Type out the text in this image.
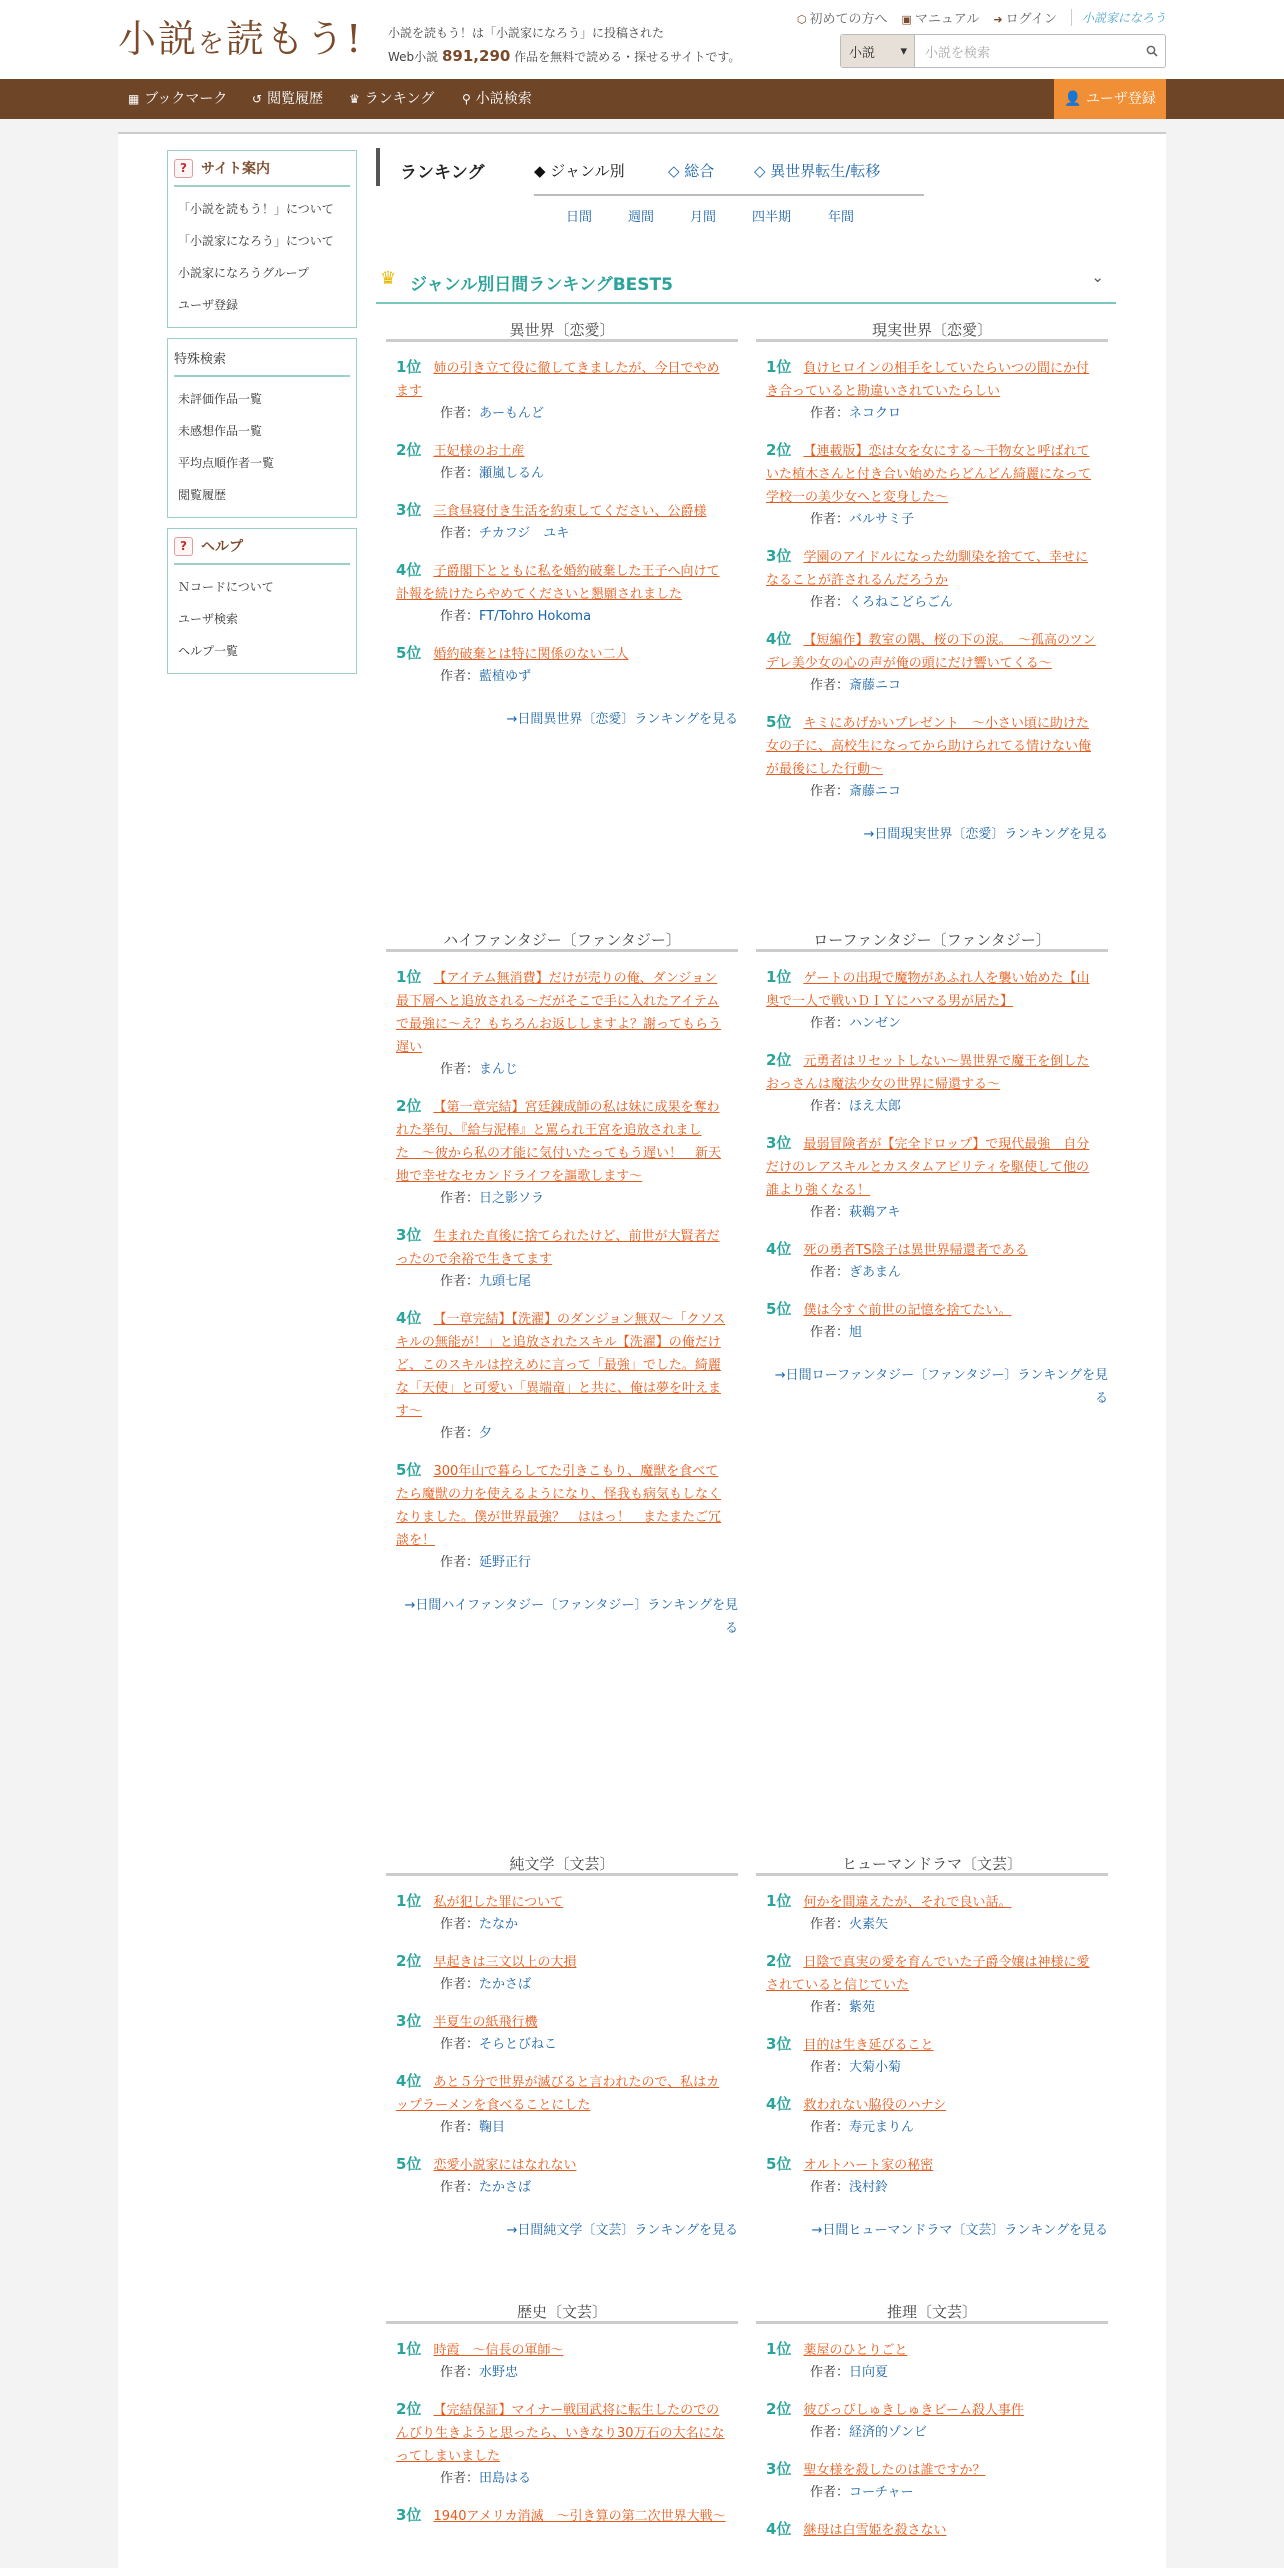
小説を読もう! 小説を読もう！は「小説家になろう」に投稿された
Web小説 891,290 作品を無料で読める・探せるサイトです。
⬡ 初めての方へ ▣ マニュアル ➜ ログイン	小説家になろう
小説 ▾	小説を検索
▦ ブックマーク ↺ 閲覧履歴 ♛ ランキング ⚲ 小説検索	👤 ユーザ登録
?	サイト案内
「小説を読もう！」について
「小説家になろう」について
小説家になろうグループ
ユーザ登録
特殊検索
未評価作品一覧
未感想作品一覧
平均点順作者一覧
閲覧履歴
?	ヘルプ
Ｎコードについて
ユーザ検索
ヘルプ一覧
ランキング	◆ ジャンル別	◇ 総合	◇ 異世界転生/転移
日間	週間	月間	四半期	年間
♛ ジャンル別日間ランキングBEST5	⌄
異世界〔恋愛〕
1位 姉の引き立て役に徹してきましたが、今日でやめます
作者：あーもんど
2位 王妃様のお土産
作者：瀬嵐しるん
3位 三食昼寝付き生活を約束してください、公爵様
作者：チカフジ　ユキ
4位 子爵閣下とともに私を婚約破棄した王子へ向けて訃報を続けたらやめてくださいと懇願されました
作者：FT/Tohro Hokoma
5位 婚約破棄とは特に関係のない二人
作者：藍植ゆず
→日間異世界〔恋愛〕ランキングを見る
現実世界〔恋愛〕
1位 負けヒロインの相手をしていたらいつの間にか付き合っていると勘違いされていたらしい
作者：ネコクロ
2位 【連載版】恋は女を女にする〜干物女と呼ばれていた植木さんと付き合い始めたらどんどん綺麗になって学校一の美少女へと変身した〜
作者：バルサミ子
3位 学園のアイドルになった幼馴染を捨てて、幸せになることが許されるんだろうか
作者：くろねこどらごん
4位 【短編作】教室の隅、桜の下の涙。　〜孤高のツンデレ美少女の心の声が俺の頭にだけ響いてくる〜
作者：斎藤ニコ
5位 キミにあげかいプレゼント　〜小さい頃に助けた女の子に、高校生になってから助けられてる情けない俺が最後にした行動〜
作者：斎藤ニコ
→日間現実世界〔恋愛〕ランキングを見る
ハイファンタジー〔ファンタジー〕
1位 【アイテム無消費】だけが売りの俺、ダンジョン最下層へと追放される〜だがそこで手に入れたアイテムで最強に〜え？もちろんお返ししますよ？謝ってもらう遅い
作者：まんじ
2位 【第一章完結】宮廷錬成師の私は妹に成果を奪われた挙句、『給与泥棒』と罵られ王宮を追放されました　〜彼から私の才能に気付いたってもう遅い！　新天地で幸せなセカンドライフを謳歌します〜
作者：日之影ソラ
3位 生まれた直後に捨てられたけど、前世が大賢者だったので余裕で生きてます
作者：九頭七尾
4位 【一章完結】【洗濯】のダンジョン無双〜「クソスキルの無能が！」と追放されたスキル【洗濯】の俺だけど、このスキルは控えめに言って「最強」でした。綺麗な「天使」と可愛い「異端竜」と共に、俺は夢を叶えます〜
作者：夕
5位 300年山で暮らしてた引きこもり、魔獣を食べてたら魔獣の力を使えるようになり、怪我も病気もしなくなりました。僕が世界最強？　ははっ！　またまたご冗談を！
作者：延野正行
→日間ハイファンタジー〔ファンタジー〕ランキングを見る
ローファンタジー〔ファンタジー〕
1位 ゲートの出現で魔物があふれ人を襲い始めた【山奥で一人で戦いＤＩＹにハマる男が居た】
作者：ハンゼン
2位 元勇者はリセットしない〜異世界で魔王を倒したおっさんは魔法少女の世界に帰還する〜
作者：ほえ太郎
3位 最弱冒険者が【完全ドロップ】で現代最強　自分だけのレアスキルとカスタムアビリティを駆使して他の誰より強くなる！
作者：萩鵜アキ
4位 死の勇者TS陰子は異世界帰還者である
作者：ぎあまん
5位 僕は今すぐ前世の記憶を捨てたい。
作者：旭
→日間ローファンタジー〔ファンタジー〕ランキングを見る
純文学〔文芸〕
1位 私が犯した罪について
作者：たなか
2位 早起きは三文以上の大損
作者：たかさば
3位 半夏生の紙飛行機
作者：そらとびねこ
4位 あと５分で世界が滅びると言われたので、私はカップラーメンを食べることにした
作者：鞠目
5位 恋愛小説家にはなれない
作者：たかさば
→日間純文学〔文芸〕ランキングを見る
ヒューマンドラマ〔文芸〕
1位 何かを間違えたが、それで良い話。
作者：火素矢
2位 日陰で真実の愛を育んでいた子爵令嬢は神様に愛されていると信じていた
作者：紫苑
3位 目的は生き延びること
作者：大菊小菊
4位 救われない脇役のハナシ
作者：寿元まりん
5位 オルトハート家の秘密
作者：浅村鈴
→日間ヒューマンドラマ〔文芸〕ランキングを見る
歴史〔文芸〕
1位 時霞　〜信長の軍師〜
作者：水野忠
2位 【完結保証】マイナー戦国武将に転生したのでのんびり生きようと思ったら、いきなり30万石の大名になってしまいました
作者：田島はる
3位 1940アメリカ消滅　〜引き算の第二次世界大戦〜
推理〔文芸〕
1位 薬屋のひとりごと
作者：日向夏
2位 彼ぴっぴしゅきしゅきビーム殺人事件
作者：経済的ゾンビ
3位 聖女様を殺したのは誰ですか？
作者：コーチャー
4位 継母は白雪姫を殺さない
